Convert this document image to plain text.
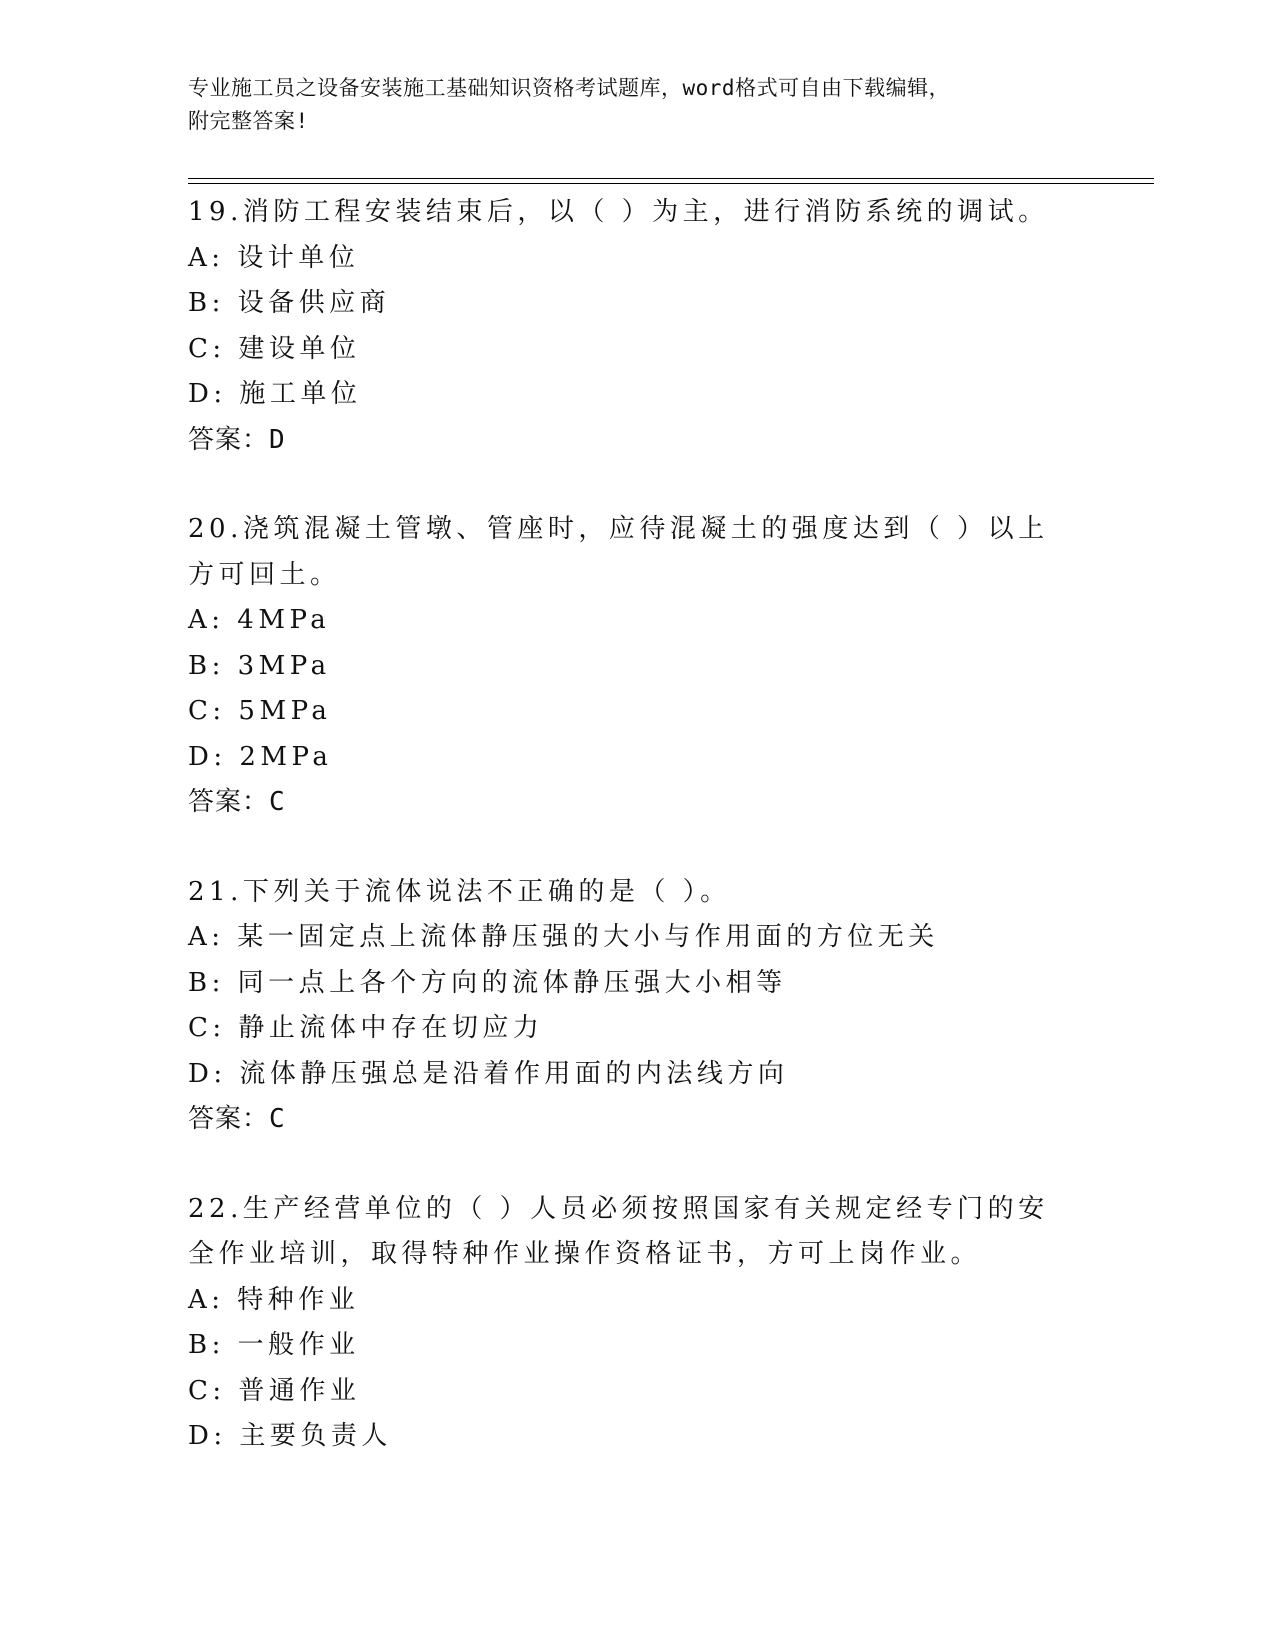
专业施工员之设备安装施工基础知识资格考试题库，word格式可自由下载编辑，
附完整答案!
19.消防工程安装结束后，以（ ）为主，进行消防系统的调试。
A: 设计单位
B: 设备供应商
C: 建设单位
D: 施工单位
答案：D
20.浇筑混凝土管墩、管座时，应待混凝土的强度达到（ ）以上方可回土。
A: 4MPa
B: 3MPa
C: 5MPa
D: 2MPa
答案：C
21.下列关于流体说法不正确的是（ ）。
A: 某一固定点上流体静压强的大小与作用面的方位无关
B: 同一点上各个方向的流体静压强大小相等
C: 静止流体中存在切应力
D: 流体静压强总是沿着作用面的内法线方向
答案：C
22.生产经营单位的（ ）人员必须按照国家有关规定经专门的安全作业培训，取得特种作业操作资格证书，方可上岗作业。
A: 特种作业
B: 一般作业
C: 普通作业
D: 主要负责人
